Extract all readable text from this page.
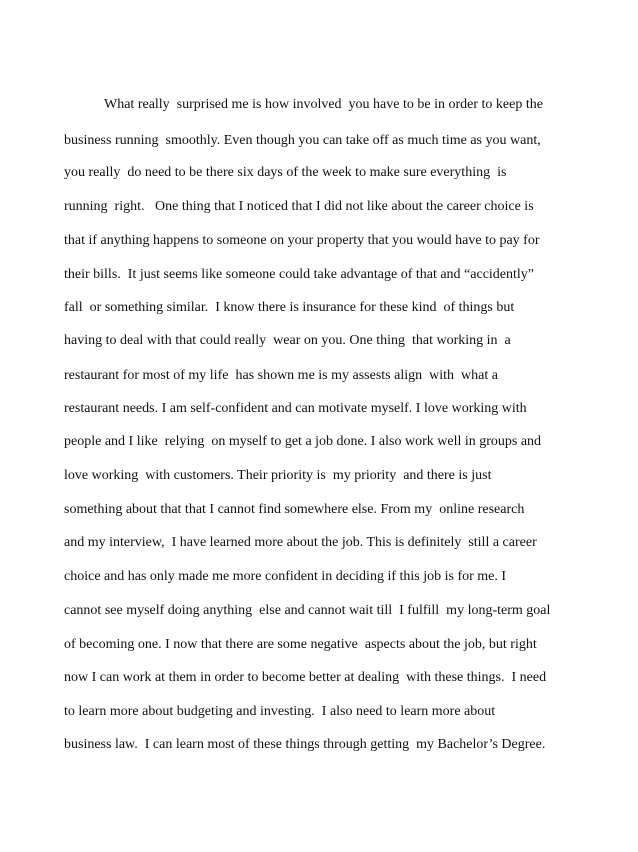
What really  surprised me is how involved  you have to be in order to keep the
business running  smoothly. Even though you can take off as much time as you want,
you really  do need to be there six days of the week to make sure everything  is
running  right.   One thing that I noticed that I did not like about the career choice is
that if anything happens to someone on your property that you would have to pay for
their bills.  It just seems like someone could take advantage of that and “accidently”
fall  or something similar.  I know there is insurance for these kind  of things but
having to deal with that could really  wear on you. One thing  that working in  a
restaurant for most of my life  has shown me is my assests align  with  what a
restaurant needs. I am self-confident and can motivate myself. I love working with
people and I like  relying  on myself to get a job done. I also work well in groups and
love working  with customers. Their priority is  my priority  and there is just
something about that that I cannot find somewhere else. From my  online research
and my interview,  I have learned more about the job. This is definitely  still a career
choice and has only made me more confident in deciding if this job is for me. I
cannot see myself doing anything  else and cannot wait till  I fulfill  my long-term goal
of becoming one. I now that there are some negative  aspects about the job, but right
now I can work at them in order to become better at dealing  with these things.  I need
to learn more about budgeting and investing.  I also need to learn more about
business law.  I can learn most of these things through getting  my Bachelor’s Degree.
